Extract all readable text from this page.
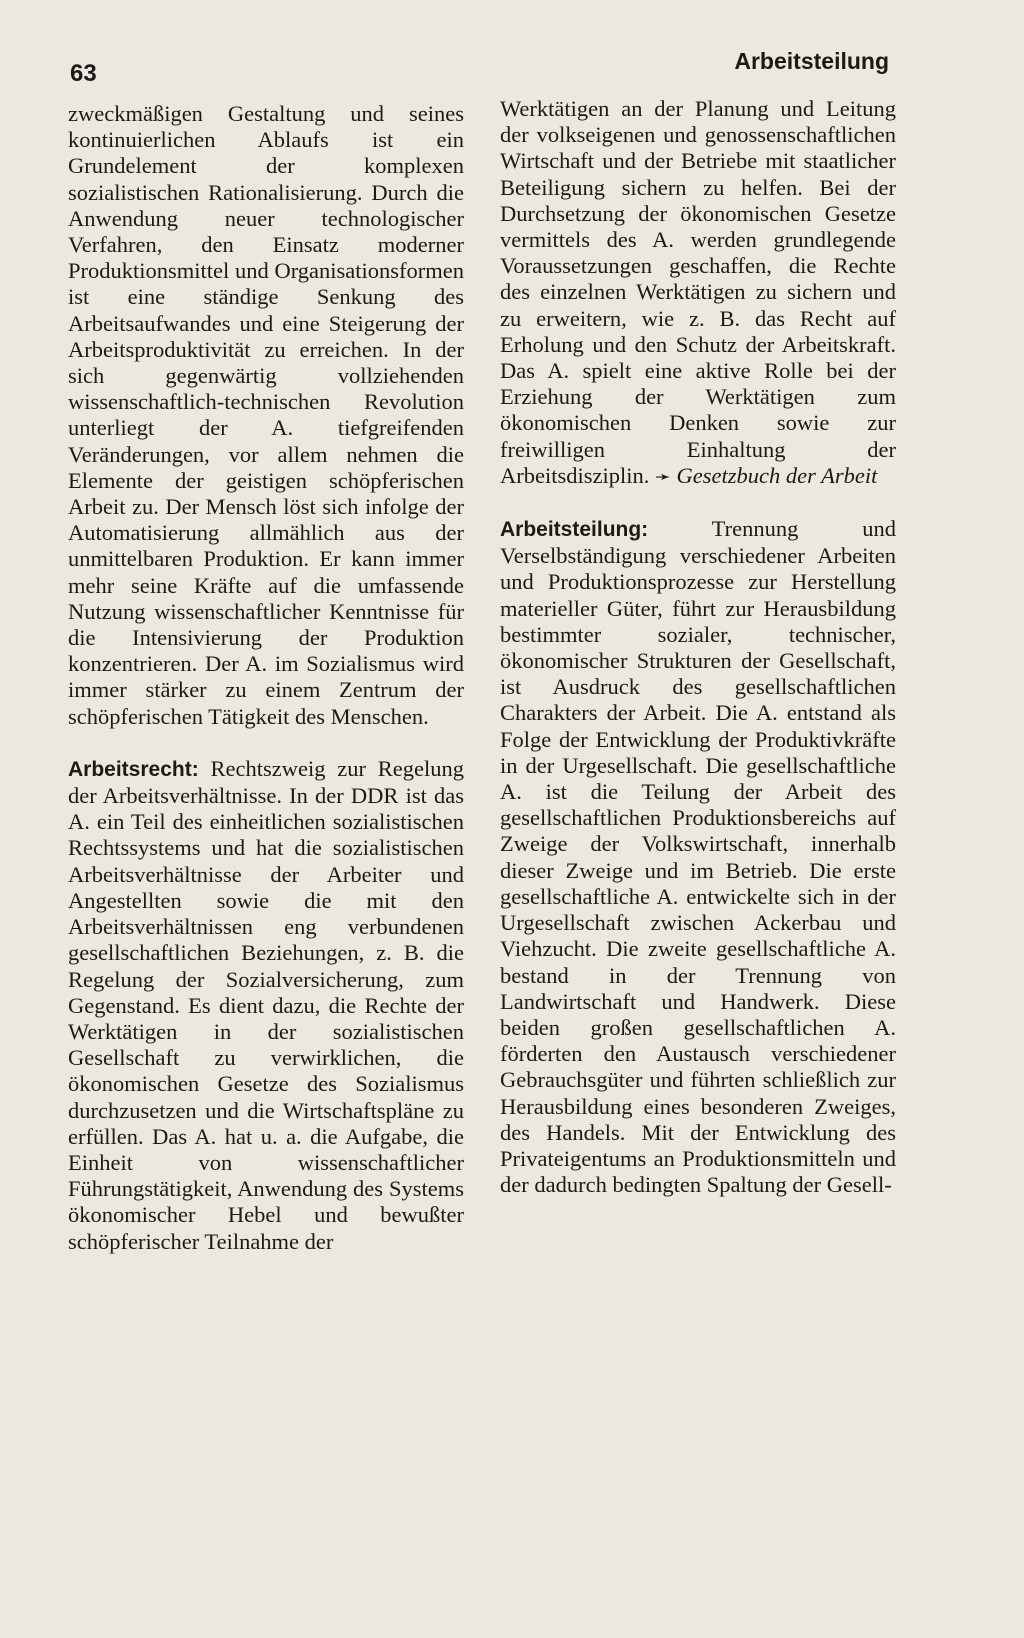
63	Arbeitsteilung

zweckmäßigen Gestaltung und seines kontinuierlichen Ablaufs ist ein Grundelement der komplexen sozialistischen Rationalisierung. Durch die Anwendung neuer technologischer Verfahren, den Einsatz moderner Produktionsmittel und Organisationsformen ist eine ständige Senkung des Arbeitsaufwandes und eine Steigerung der Arbeitsproduktivität zu erreichen. In der sich gegenwärtig vollziehenden wissenschaftlich-technischen Revolution unterliegt der A. tiefgreifenden Veränderungen, vor allem nehmen die Elemente der geistigen schöpferischen Arbeit zu. Der Mensch löst sich infolge der Automatisierung allmählich aus der unmittelbaren Produktion. Er kann immer mehr seine Kräfte auf die umfassende Nutzung wissenschaftlicher Kenntnisse für die Intensivierung der Produktion konzentrieren. Der A. im Sozialismus wird immer stärker zu einem Zentrum der schöpferischen Tätigkeit des Menschen.

Arbeitsrecht: Rechtszweig zur Regelung der Arbeitsverhältnisse. In der DDR ist das A. ein Teil des einheitlichen sozialistischen Rechtssystems und hat die sozialistischen Arbeitsverhältnisse der Arbeiter und Angestellten sowie die mit den Arbeitsverhältnissen eng verbundenen gesellschaftlichen Beziehungen, z. B. die Regelung der Sozialversicherung, zum Gegenstand. Es dient dazu, die Rechte der Werktätigen in der sozialistischen Gesellschaft zu verwirklichen, die ökonomischen Gesetze des Sozialismus durchzusetzen und die Wirtschaftspläne zu erfüllen. Das A. hat u. a. die Aufgabe, die Einheit von wissenschaftlicher Führungstätigkeit, Anwendung des Systems ökonomischer Hebel und bewußter schöpferischer Teilnahme der

Werktätigen an der Planung und Leitung der volkseigenen und genossenschaftlichen Wirtschaft und der Betriebe mit staatlicher Beteiligung sichern zu helfen. Bei der Durchsetzung der ökonomischen Gesetze vermittels des A. werden grundlegende Voraussetzungen geschaffen, die Rechte des einzelnen Werktätigen zu sichern und zu erweitern, wie z. B. das Recht auf Erholung und den Schutz der Arbeitskraft. Das A. spielt eine aktive Rolle bei der Erziehung der Werktätigen zum ökonomischen Denken sowie zur freiwilligen Einhaltung der Arbeitsdisziplin. ➛ Gesetzbuch der Arbeit

Arbeitsteilung:	Trennung und Verselbständigung verschiedener Arbeiten und Produktionsprozesse zur Herstellung materieller Güter, führt zur Herausbildung bestimmter sozialer, technischer, ökonomischer Strukturen der Gesellschaft, ist Ausdruck des gesellschaftlichen Charakters der Arbeit. Die A. entstand als Folge der Entwicklung der Produktivkräfte in der Urgesellschaft. Die gesellschaftliche A. ist die Teilung der Arbeit des gesellschaftlichen Produktionsbereichs auf Zweige der Volkswirtschaft, innerhalb dieser Zweige und im Betrieb. Die erste gesellschaftliche A. entwickelte sich in der Urgesellschaft zwischen Ackerbau und Viehzucht. Die zweite gesellschaftliche A. bestand in der Trennung von Landwirtschaft und Handwerk. Diese beiden großen gesellschaftlichen A. förderten den Austausch verschiedener Gebrauchsgüter und führten schließlich zur Herausbildung eines besonderen Zweiges, des Handels. Mit der Entwicklung des Privateigentums an Produktionsmitteln und der dadurch bedingten Spaltung der Gesell-
